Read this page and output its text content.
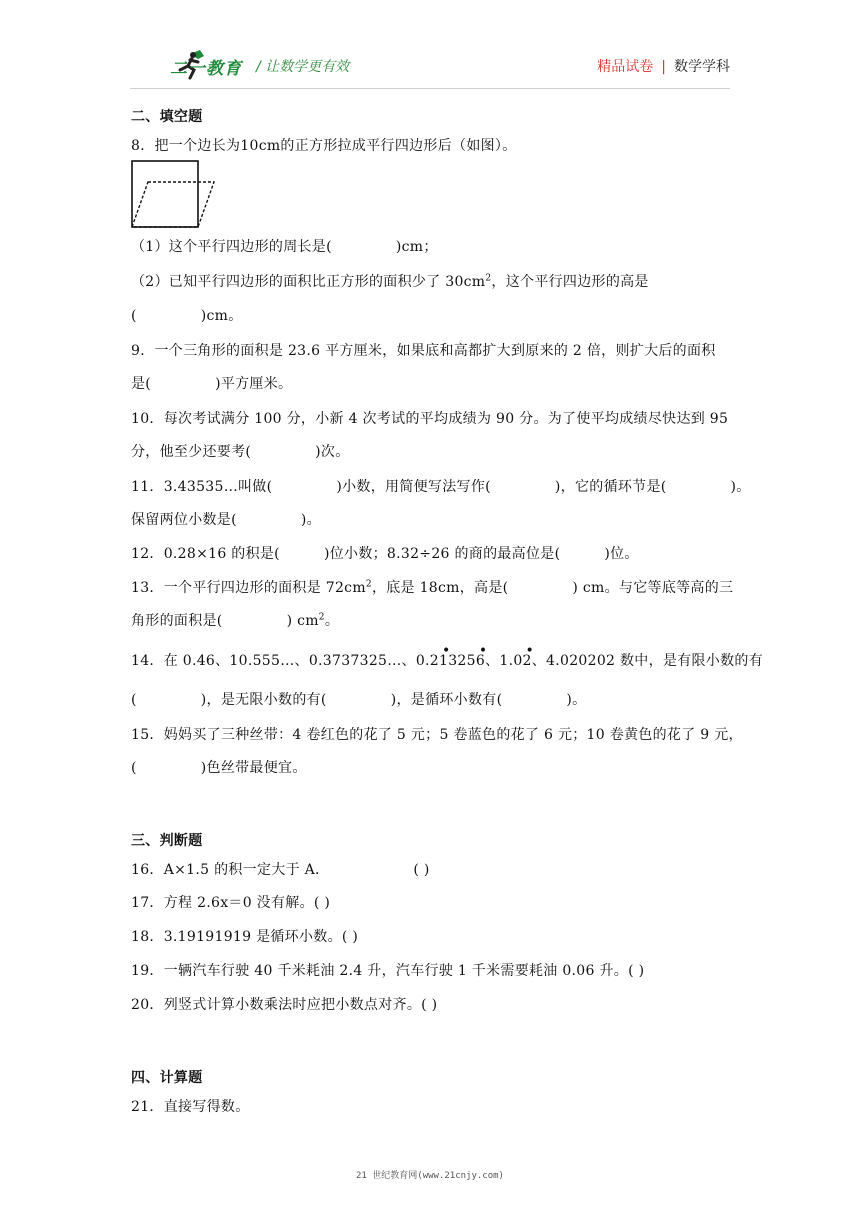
二一教育 / 让数学更有效	精品试卷 | 数学学科
二、填空题
8．把一个边长为10cm的正方形拉成平行四边形后（如图）。
（1）这个平行四边形的周长是(	)cm；
（2）已知平行四边形的面积比正方形的面积少了 $30cm^2$，这个平行四边形的高是
(	)cm。
9．一个三角形的面积是 23.6 平方厘米，如果底和高都扩大到原来的 2 倍，则扩大后的面积
是(	)平方厘米。
10．每次考试满分 100 分，小新 4 次考试的平均成绩为 90 分。为了使平均成绩尽快达到 95
分，他至少还要考(	)次。
11．3.43535…叫做(	)小数，用简便写法写作(	)，它的循环节是(	)。
保留两位小数是(	)。
12．0.28×16 的积是(	)位小数；8.32÷26 的商的最高位是(	)位。
13．一个平行四边形的面积是 $72cm^2$，底是 18cm，高是(	) cm。与它等底等高的三
角形的面积是(	) $cm^2$。
14．在 0.46、10.555…、0.3737325…、0.21
•
3256
•
、1.02
•
、4.020202 数中，是有限小数的有
(	)，是无限小数的有(	)，是循环小数有(	)。
15．妈妈买了三种丝带：4 卷红色的花了 5 元；5 卷蓝色的花了 6 元；10 卷黄色的花了 9 元，
(	)色丝带最便宜。
三、判断题
16．A×1.5 的积一定大于 A．	( )
17．方程 2.6x＝0 没有解。( )
18．3.19191919 是循环小数。( )
19．一辆汽车行驶 40 千米耗油 2.4 升，汽车行驶 1 千米需要耗油 0.06 升。( )
20．列竖式计算小数乘法时应把小数点对齐。( )
四、计算题
21．直接写得数。
21 世纪教育网(www.21cnjy.com)
